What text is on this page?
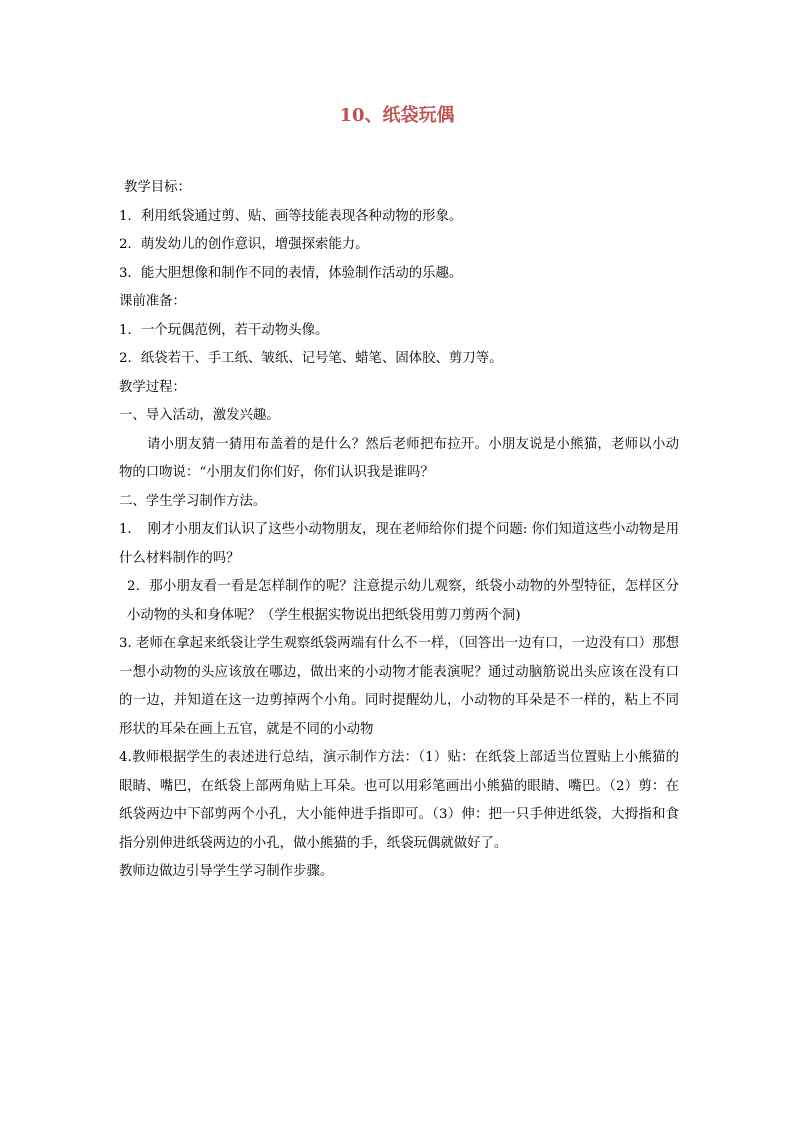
10、纸袋玩偶

教学目标：

1．利用纸袋通过剪、贴、画等技能表现各种动物的形象。

2．萌发幼儿的创作意识，增强探索能力。

3．能大胆想像和制作不同的表情，体验制作活动的乐趣。

课前准备：

1．一个玩偶范例，若干动物头像。

2．纸袋若干、手工纸、皱纸、记号笔、蜡笔、固体胶、剪刀等。

教学过程：

一、导入活动，激发兴趣。

请小朋友猜一猜用布盖着的是什么？然后老师把布拉开。小朋友说是小熊猫，老师以小动物的口吻说：“小朋友们你们好，你们认识我是谁吗？

二、学生学习制作方法。

1．　刚才小朋友们认识了这些小动物朋友，现在老师给你们提个问题: 你们知道这些小动物是用什么材料制作的吗？

2．那小朋友看一看是怎样制作的呢？注意提示幼儿观察，纸袋小动物的外型特征，怎样区分小动物的头和身体呢？（学生根据实物说出把纸袋用剪刀剪两个洞)

3. 老师在拿起来纸袋让学生观察纸袋两端有什么不一样，（回答出一边有口，一边没有口）那想一想小动物的头应该放在哪边，做出来的小动物才能表演呢？通过动脑筋说出头应该在没有口的一边，并知道在这一边剪掉两个小角。同时提醒幼儿，小动物的耳朵是不一样的，粘上不同形状的耳朵在画上五官，就是不同的小动物

4.教师根据学生的表述进行总结，演示制作方法：（1）贴：在纸袋上部适当位置贴上小熊猫的眼睛、嘴巴，在纸袋上部两角贴上耳朵。也可以用彩笔画出小熊猫的眼睛、嘴巴。（2）剪：在纸袋两边中下部剪两个小孔，大小能伸进手指即可。（3）伸：把一只手伸进纸袋，大拇指和食指分别伸进纸袋两边的小孔，做小熊猫的手，纸袋玩偶就做好了。

教师边做边引导学生学习制作步骤。
